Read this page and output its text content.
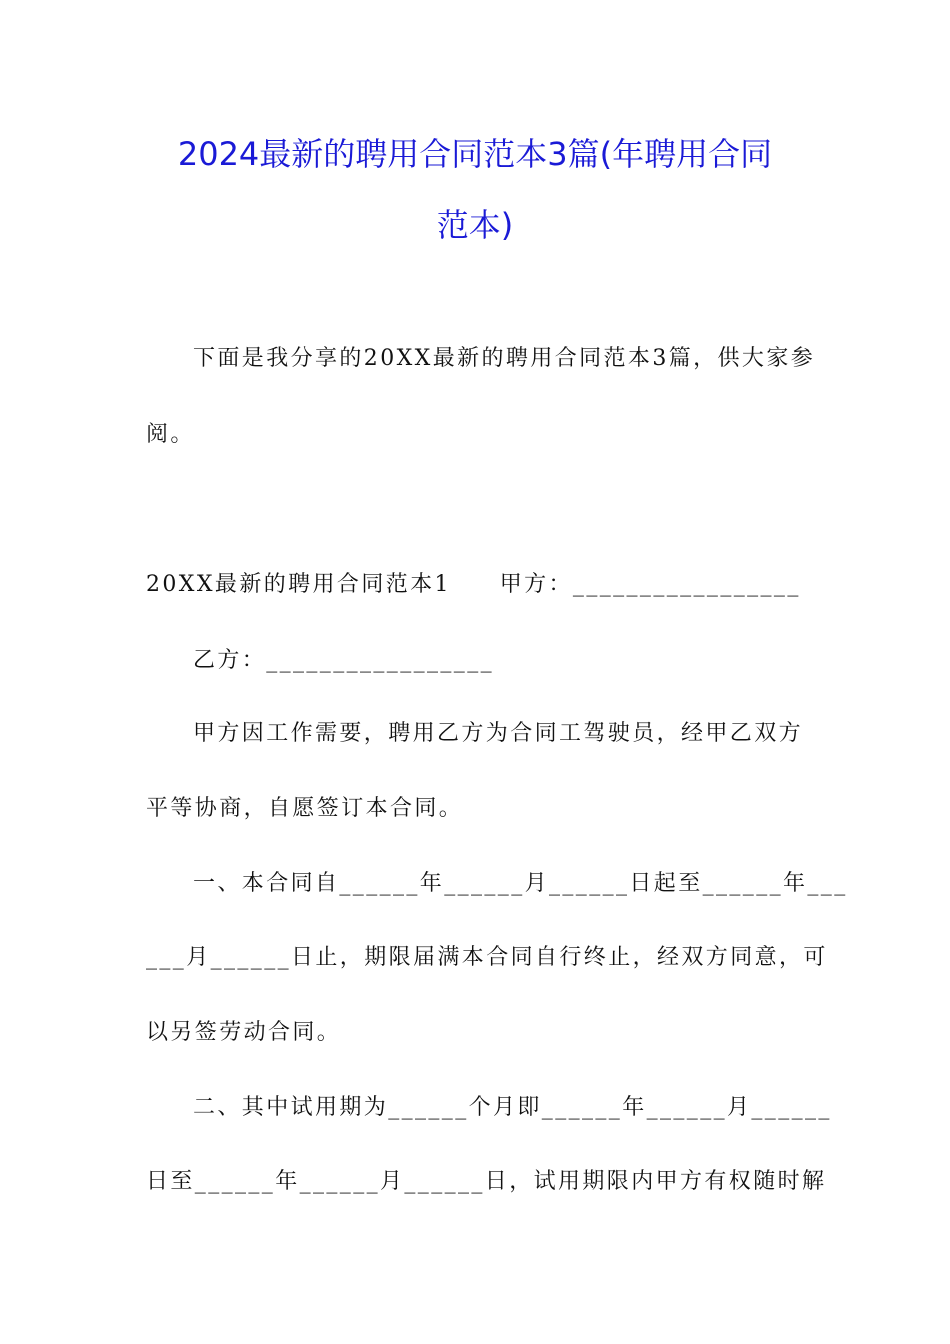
2024最新的聘用合同范本3篇(年聘用合同
范本)
下面是我分享的20XX最新的聘用合同范本3篇，供大家参
阅。
20XX最新的聘用合同范本1　　甲方：_________________
乙方：_________________
甲方因工作需要，聘用乙方为合同工驾驶员，经甲乙双方
平等协商，自愿签订本合同。
一、本合同自______年______月______日起至______年___
___月______日止，期限届满本合同自行终止，经双方同意，可
以另签劳动合同。
二、其中试用期为______个月即______年______月______
日至______年______月______日，试用期限内甲方有权随时解
